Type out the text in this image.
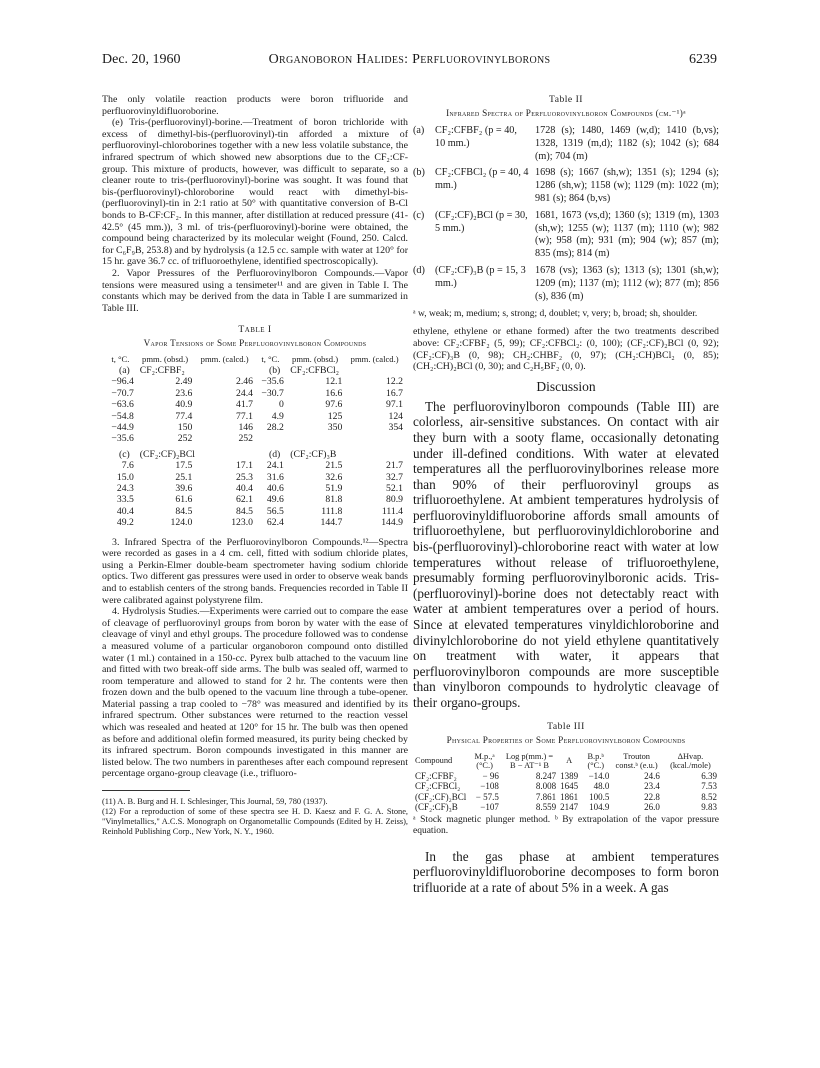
Dec. 20, 1960	Organoboron Halides: Perfluorovinylborons	6239

The only volatile reaction products were boron trifluoride and perfluorovinyldifluoroborine.

(e) Tris-(perfluorovinyl)-borine.—Treatment of boron trichloride with excess of dimethyl-bis-(perfluorovinyl)-tin afforded a mixture of perfluorovinyl-chloroborines together with a new less volatile substance, the infrared spectrum of which showed new absorptions due to the CF₂:CF- group. This mixture of products, however, was difficult to separate, so a cleaner route to tris-(perfluorovinyl)-borine was sought. It was found that bis-(perfluorovinyl)-chloroborine would react with dimethyl-bis-(perfluorovinyl)-tin in 2:1 ratio at 50° with quantitative conversion of B-Cl bonds to B-CF:CF₂. In this manner, after distillation at reduced pressure (41-42.5° (45 mm.)), 3 ml. of tris-(perfluorovinyl)-borine were obtained, the compound being characterized by its molecular weight (Found, 250. Calcd. for C₆F₉B, 253.8) and by hydrolysis (a 12.5 cc. sample with water at 120° for 15 hr. gave 36.7 cc. of trifluoroethylene, identified spectroscopically).

2. Vapor Pressures of the Perfluorovinylboron Compounds.—Vapor tensions were measured using a tensimeter¹¹ and are given in Table I. The constants which may be derived from the data in Table I are summarized in Table III.

Table I
Vapor Tensions of Some Perfluorovinylboron Compounds
t, °C.	pmm. (obsd.)	pmm. (calcd.)	t, °C.	pmm. (obsd.)	pmm. (calcd.)
(a) CF₂:CFBF₂			(b) CF₂:CFBCl₂		
−96.4	2.49	2.46	−35.6	12.1	12.2
−70.7	23.6	24.4	−30.7	16.6	16.7
−63.6	40.9	41.7	0	97.6	97.1
−54.8	77.4	77.1	4.9	125	124
−44.9	150	146	28.2	350	354
−35.6	252	252			

(c) (CF₂:CF)₂BCl			(d) (CF₂:CF)₃B		
7.6	17.5	17.1	24.1	21.5	21.7
15.0	25.1	25.3	31.6	32.6	32.7
24.3	39.6	40.4	40.6	51.9	52.1
33.5	61.6	62.1	49.6	81.8	80.9
40.4	84.5	84.5	56.5	111.8	111.4
49.2	124.0	123.0	62.4	144.7	144.9

3. Infrared Spectra of the Perfluorovinylboron Compounds.¹²—Spectra were recorded as gases in a 4 cm. cell, fitted with sodium chloride plates, using a Perkin-Elmer double-beam spectrometer having sodium chloride optics. Two different gas pressures were used in order to observe weak bands and to establish centers of the strong bands. Frequencies recorded in Table II were calibrated against polystyrene film.

4. Hydrolysis Studies.—Experiments were carried out to compare the ease of cleavage of perfluorovinyl groups from boron by water with the ease of cleavage of vinyl and ethyl groups. The procedure followed was to condense a measured volume of a particular organoboron compound onto distilled water (1 ml.) contained in a 150-cc. Pyrex bulb attached to the vacuum line and fitted with two break-off side arms. The bulb was sealed off, warmed to room temperature and allowed to stand for 2 hr. The contents were then frozen down and the bulb opened to the vacuum line through a tube-opener. Material passing a trap cooled to −78° was measured and identified by its infrared spectrum. Other substances were returned to the reaction vessel which was resealed and heated at 120° for 15 hr. The bulb was then opened as before and additional olefin formed measured, its purity being checked by its infrared spectrum. Boron compounds investigated in this manner are listed below. The two numbers in parentheses after each compound represent percentage organo-group cleavage (i.e., trifluoro-

(11) A. B. Burg and H. I. Schlesinger, This Journal, 59, 780 (1937).

(12) For a reproduction of some of these spectra see H. D. Kaesz and F. G. A. Stone, "Vinylmetallics," A.C.S. Monograph on Organometallic Compounds (Edited by H. Zeiss), Reinhold Publishing Corp., New York, N. Y., 1960.

Table II
Infrared Spectra of Perfluorovinylboron Compounds (cm.⁻¹)ᵃ
(a)	CF₂:CFBF₂ (p = 40, 10 mm.)	1728 (s); 1480, 1469 (w,d); 1410 (b,vs); 1328, 1319 (m,d); 1182 (s); 1042 (s); 684 (m); 704 (m)
(b)	CF₂:CFBCl₂ (p = 40, 4 mm.)	1698 (s); 1667 (sh,w); 1351 (s); 1294 (s); 1286 (sh,w); 1158 (w); 1129 (m): 1022 (m); 981 (s); 864 (b,vs)
(c)	(CF₂:CF)₂BCl (p = 30, 5 mm.)	1681, 1673 (vs,d); 1360 (s); 1319 (m), 1303 (sh,w); 1255 (w); 1137 (m); 1110 (w); 982 (w); 958 (m); 931 (m); 904 (w); 857 (m); 835 (ms); 814 (m)
(d)	(CF₂:CF)₃B (p = 15, 3 mm.)	1678 (vs); 1363 (s); 1313 (s); 1301 (sh,w); 1209 (m); 1137 (m); 1112 (w); 877 (m); 856 (s), 836 (m)

ᵃ w, weak; m, medium; s, strong; d, doublet; v, very; b, broad; sh, shoulder.

ethylene, ethylene or ethane formed) after the two treatments described above: CF₂:CFBF₂ (5, 99); CF₂:CFBCl₂: (0, 100); (CF₂:CF)₂BCl (0, 92); (CF₂:CF)₃B (0, 98); CH₂:CHBF₂ (0, 97); (CH₂:CH)BCl₂ (0, 85); (CH₂:CH)₂BCl (0, 30); and C₂H₅BF₂ (0, 0).

Discussion

The perfluorovinylboron compounds (Table III) are colorless, air-sensitive substances. On contact with air they burn with a sooty flame, occasionally detonating under ill-defined conditions. With water at elevated temperatures all the perfluorovinylborines release more than 90% of their perfluorovinyl groups as trifluoroethylene. At ambient temperatures hydrolysis of perfluorovinyldifluoroborine affords small amounts of trifluoroethylene, but perfluorovinyldichloroborine and bis-(perfluorovinyl)-chloroborine react with water at low temperatures without release of trifluoroethylene, presumably forming perfluorovinylboronic acids. Tris-(perfluorovinyl)-borine does not detectably react with water at ambient temperatures over a period of hours. Since at elevated temperatures vinyldichloroborine and divinylchloroborine do not yield ethylene quantitatively on treatment with water, it appears that perfluorovinylboron compounds are more susceptible than vinylboron compounds to hydrolytic cleavage of their organo-groups.

Table III
Physical Properties of Some Perfluorovinylboron Compounds
Compound	M.p.,ᵃ (°C.)	Log p(mm.) = B − AT⁻¹ B	A	B.p.ᵇ (°C.)	Trouton const.ᵇ (e.u.)	ΔHvap. (kcal./mole)
CF₂:CFBF₂	− 96	8.247	1389	−14.0	24.6	6.39
CF₂:CFBCl₂	−108	8.008	1645	48.0	23.4	7.53
(CF₂:CF)₂BCl	− 57.5	7.861	1861	100.5	22.8	8.52
(CF₂:CF)₃B	−107	8.559	2147	104.9	26.0	9.83

ᵃ Stock magnetic plunger method. ᵇ By extrapolation of the vapor pressure equation.

In the gas phase at ambient temperatures perfluorovinyldifluoroborine decomposes to form boron trifluoride at a rate of about 5% in a week. A gas
